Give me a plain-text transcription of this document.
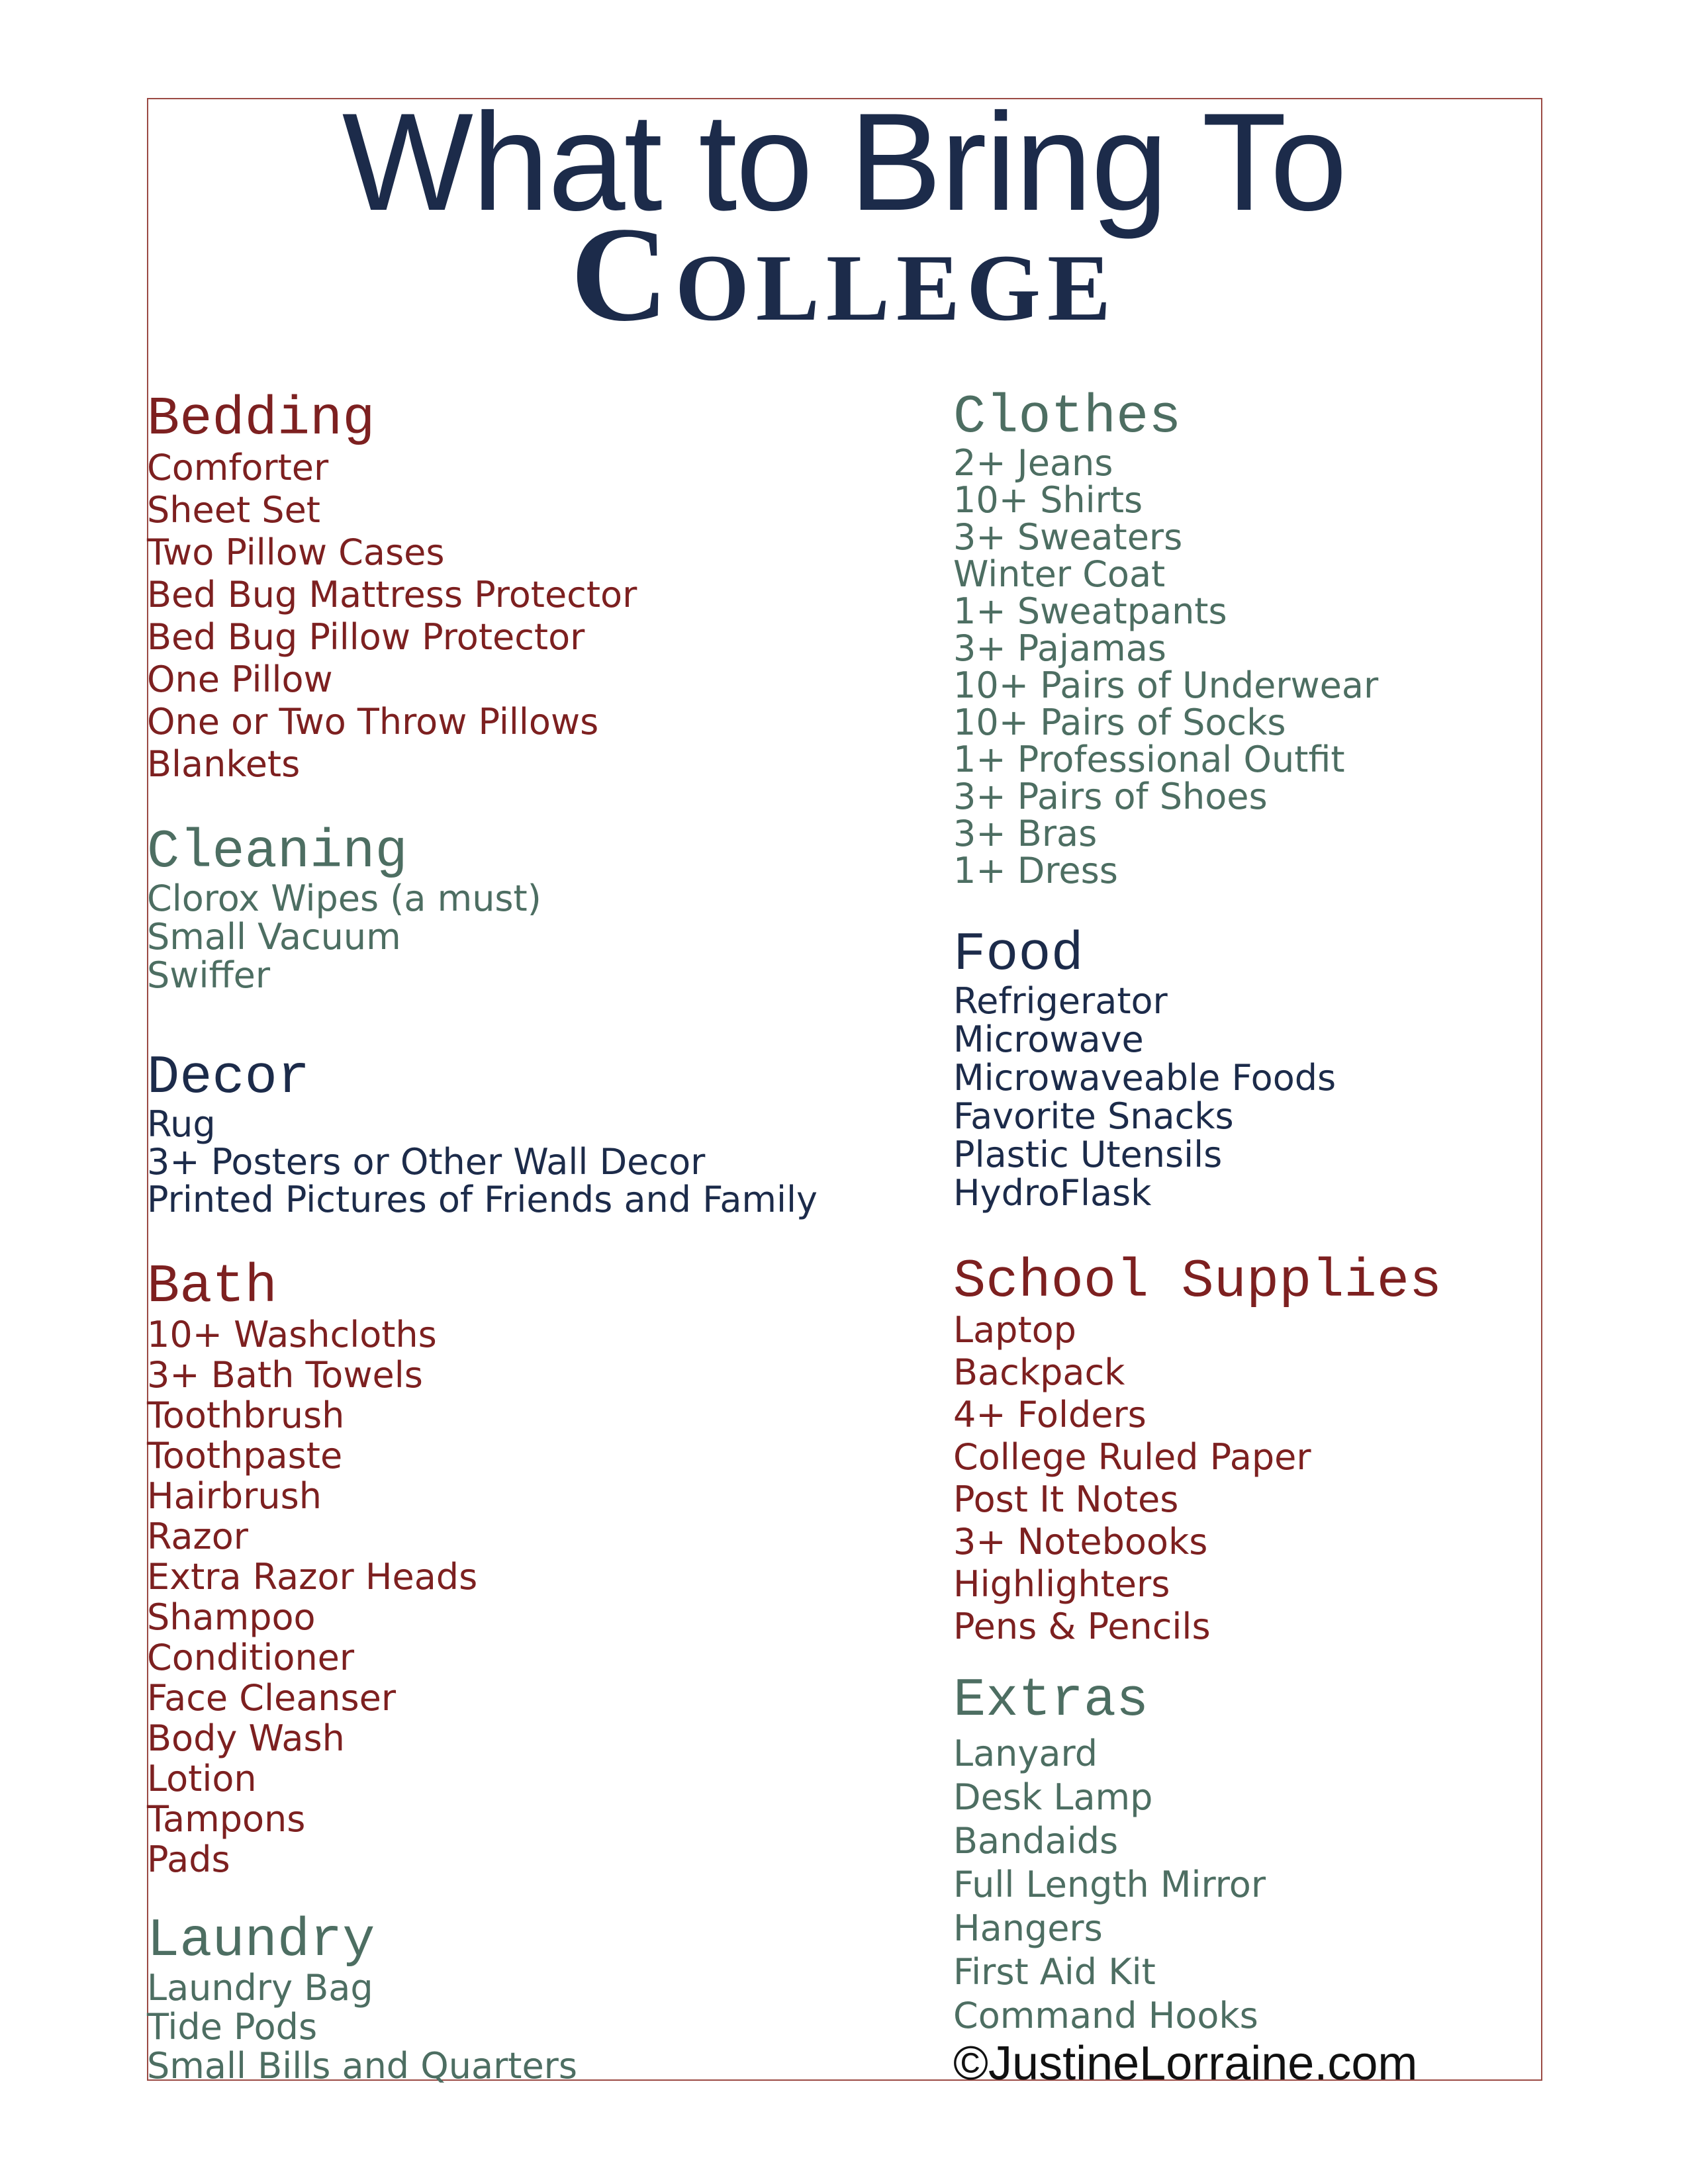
What to Bring To
College
Bedding
Comforter
Sheet Set
Two Pillow Cases
Bed Bug Mattress Protector
Bed Bug Pillow Protector
One Pillow
One or Two Throw Pillows
Blankets
Cleaning
Clorox Wipes (a must)
Small Vacuum
Swiffer
Decor
Rug
3+ Posters or Other Wall Decor
Printed Pictures of Friends and Family
Bath
10+ Washcloths
3+ Bath Towels
Toothbrush
Toothpaste
Hairbrush
Razor
Extra Razor Heads
Shampoo
Conditioner
Face Cleanser
Body Wash
Lotion
Tampons
Pads
Laundry
Laundry Bag
Tide Pods
Small Bills and Quarters
Clothes
2+ Jeans
10+ Shirts
3+ Sweaters
Winter Coat
1+ Sweatpants
3+ Pajamas
10+ Pairs of Underwear
10+ Pairs of Socks
1+ Professional Outfit
3+ Pairs of Shoes
3+ Bras
1+ Dress
Food
Refrigerator
Microwave
Microwaveable Foods
Favorite Snacks
Plastic Utensils
HydroFlask
School Supplies
Laptop
Backpack
4+ Folders
College Ruled Paper
Post It Notes
3+ Notebooks
Highlighters
Pens & Pencils
Extras
Lanyard
Desk Lamp
Bandaids
Full Length Mirror
Hangers
First Aid Kit
Command Hooks
©JustineLorraine.com
